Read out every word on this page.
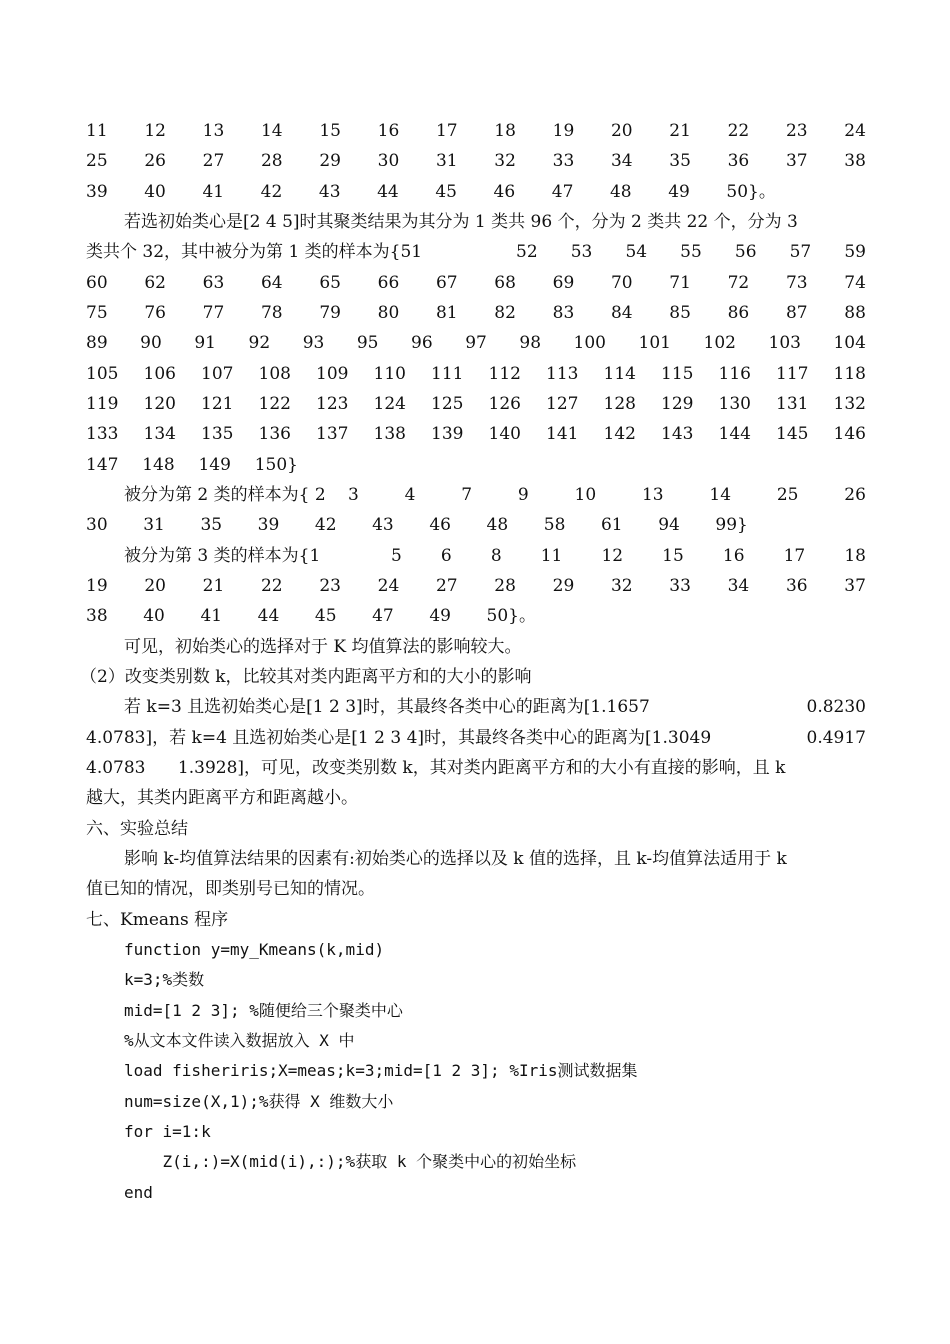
11 12 13 14 15 16 17 18 19 20 21 22 23 24
25 26 27 28 29 30 31 32 33 34 35 36 37 38
39 40 41 42 43 44 45 46 47 48 49 50}。
若选初始类心是[2 4 5]时其聚类结果为其分为 1 类共 96 个，分为 2 类共 22 个，分为 3
类共个 32，其中被分为第 1 类的样本为{51	52 53 54 55 56 57 59
60 62 63 64 65 66 67 68 69 70 71 72 73 74
75 76 77 78 79 80 81 82 83 84 85 86 87 88
89 90 91 92 93 95 96 97 98 100 101 102 103 104
105 106 107 108 109 110 111 112 113 114 115 116 117 118
119 120 121 122 123 124 125 126 127 128 129 130 131 132
133 134 135 136 137 138 139 140 141 142 143 144 145 146
147 148 149 150}
被分为第 2 类的样本为{ 2 3	4	7	9	10	13	14	25	26
30 31 35 39 42 43 46 48 58 61 94 99}
被分为第 3 类的样本为{1	5 6 8 11 12 15 16 17 18
19 20 21 22 23 24 27 28 29 32 33 34 36 37
38 40 41 44 45 47 49 50}。
可见，初始类心的选择对于 K 均值算法的影响较大。
（2）改变类别数 k，比较其对类内距离平方和的大小的影响
若 k=3 且选初始类心是[1 2 3]时，其最终各类中心的距离为[1.1657	0.8230
4.0783]，若 k=4 且选初始类心是[1 2 3 4]时，其最终各类中心的距离为[1.3049	0.4917
4.0783      1.3928]，可见，改变类别数 k，其对类内距离平方和的大小有直接的影响，且 k
越大，其类内距离平方和距离越小。
六、实验总结
影响 k-均值算法结果的因素有:初始类心的选择以及 k 值的选择，且 k-均值算法适用于 k
值已知的情况，即类别号已知的情况。
七、Kmeans 程序
function y=my_Kmeans(k,mid)
k=3;%类数
mid=[1 2 3]; %随便给三个聚类中心
%从文本文件读入数据放入 X 中
load fisheriris;X=meas;k=3;mid=[1 2 3]; %Iris测试数据集
num=size(X,1);%获得 X 维数大小
for i=1:k
Z(i,:)=X(mid(i),:);%获取 k 个聚类中心的初始坐标
end
